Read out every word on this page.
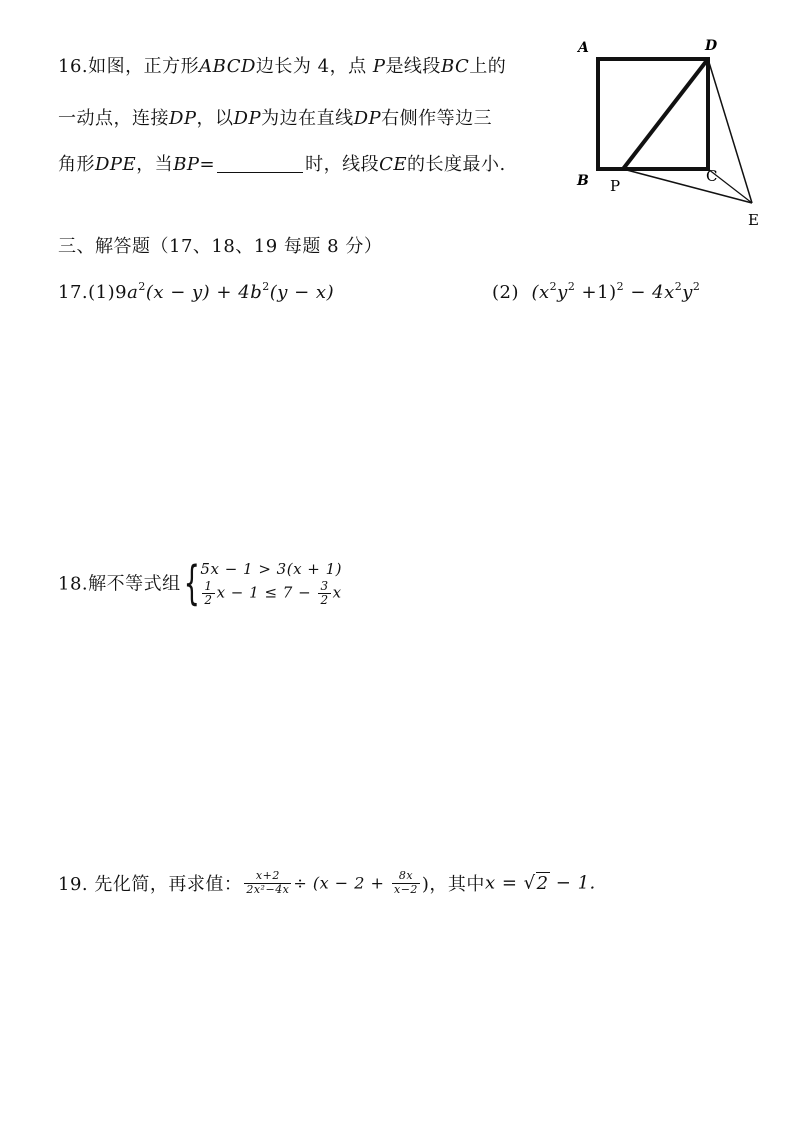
16.如图，正方形ABCD边长为 4，点 P是线段BC上的
一动点，连接DP，以DP为边在直线DP右侧作等边三
角形DPE，当BP=	时，线段CE的长度最小.
A	D
B P
C
E
三、解答题（17、18、19 每题 8 分）
$17.(1)9a^2(x - y) + 4b^2(y - x)$	(2) $(x^2y^2 +1)^2 - 4x^2y^2$
18.解不等式组{ 5x − 1 > 3(x + 1)
$\frac{1}{2}$ $x - 1 \le 7 - \frac{3}{2}$ x
19. 先化简，再求值： $\frac{x+2}{\text{2x²−4x}} \div (x - 2 + \frac{8x}{x-2}$ )，其中x = √2 − 1.
